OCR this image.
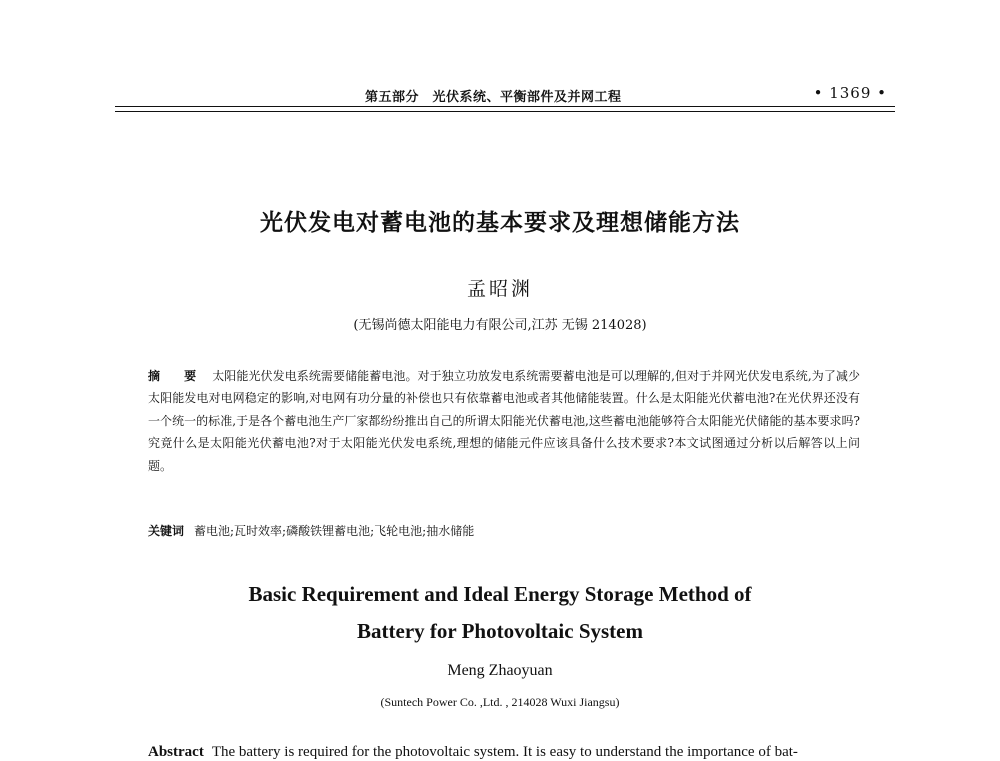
第五部分　光伏系统、平衡部件及并网工程	• 1369 •
光伏发电对蓄电池的基本要求及理想储能方法
孟昭渊
(无锡尚德太阳能电力有限公司,江苏 无锡 214028)
摘　要 太阳能光伏发电系统需要储能蓄电池。对于独立功放发电系统需要蓄电池是可以理解的,但对于并网光伏发电系统,为了减少太阳能发电对电网稳定的影响,对电网有功分量的补偿也只有依靠蓄电池或者其他储能装置。什么是太阳能光伏蓄电池?在光伏界还没有一个统一的标准,于是各个蓄电池生产厂家都纷纷推出自己的所谓太阳能光伏蓄电池,这些蓄电池能够符合太阳能光伏储能的基本要求吗?究竟什么是太阳能光伏蓄电池?对于太阳能光伏发电系统,理想的储能元件应该具备什么技术要求?本文试图通过分析以后解答以上问题。
关键词 蓄电池;瓦时效率;磷酸铁锂蓄电池;飞轮电池;抽水储能
Basic Requirement and Ideal Energy Storage Method of
Battery for Photovoltaic System
Meng Zhaoyuan
(Suntech Power Co. ,Ltd. , 214028 Wuxi Jiangsu)
Abstract The battery is required for the photovoltaic system. It is easy to understand the importance of bat-
